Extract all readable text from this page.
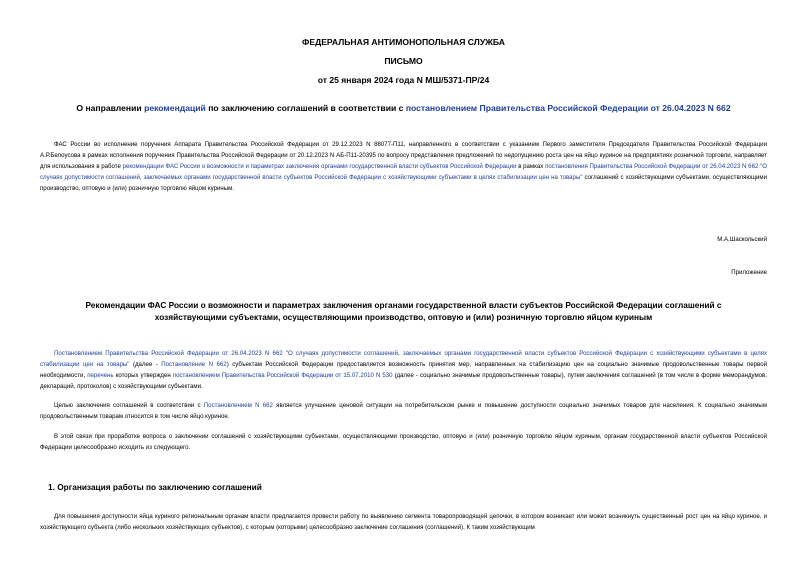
ФЕДЕРАЛЬНАЯ АНТИМОНОПОЛЬНАЯ СЛУЖБА
ПИСЬМО
от 25 января 2024 года N МШ/5371-ПР/24
О направлении рекомендаций по заключению соглашений в соответствии с постановлением Правительства Российской Федерации от 26.04.2023 N 662
ФАС России во исполнение поручения Аппарата Правительства Российской Федерации от 29.12.2023 N 88077-П11, направленного в соответствии с указанием Первого заместителя Председателя Правительства Российской Федерации А.Р.Белоусова в рамках исполнения поручения Правительства Российской Федерации от 20.12.2023 N АБ-П11-20395 по вопросу представления предложений по недопущению роста цен на яйцо куриное на предприятиях розничной торговли, направляет для использования в работе рекомендации ФАС России о возможности и параметрах заключения органами государственной власти субъектов Российской Федерации в рамках постановления Правительства Российской Федерации от 26.04.2023 N 662 "О случаях допустимости соглашений, заключаемых органами государственной власти субъектов Российской Федерации с хозяйствующими субъектами в целях стабилизации цен на товары" соглашений с хозяйствующими субъектами, осуществляющими производство, оптовую и (или) розничную торговлю яйцом куриным.
М.А.Шаскольский
Приложение
Рекомендации ФАС России о возможности и параметрах заключения органами государственной власти субъектов Российской Федерации соглашений с хозяйствующими субъектами, осуществляющими производство, оптовую и (или) розничную торговлю яйцом куриным
Постановлением Правительства Российской Федерации от 26.04.2023 N 662 "О случаях допустимости соглашений, заключаемых органами государственной власти субъектов Российской Федерации с хозяйствующими субъектами в целях стабилизации цен на товары" (далее - Постановление N 662) субъектам Российской Федерации предоставляется возможность принятия мер, направленных на стабилизацию цен на социально значимые продовольственные товары первой необходимости, перечень которых утвержден постановлением Правительства Российской Федерации от 15.07.2010 N 530 (далее - социально значимые продовольственные товары), путем заключения соглашений (в том числе в форме меморандумов, деклараций, протоколов) с хозяйствующими субъектами.
Целью заключения соглашений в соответствии с Постановлением N 662 является улучшение ценовой ситуации на потребительском рынке и повышение доступности социально значимых товаров для населения. К социально значимым продовольственным товарам относится в том числе яйцо куриное.
В этой связи при проработке вопроса о заключении соглашений с хозяйствующими субъектами, осуществляющими производство, оптовую и (или) розничную торговлю яйцом куриным, органам государственной власти субъектов Российской Федерации целесообразно исходить из следующего.
1. Организация работы по заключению соглашений
Для повышения доступности яйца куриного региональным органам власти предлагается провести работу по выявлению сегмента товаропроводящей цепочки, в котором возникает или может возникнуть существенный рост цен на яйцо куриное, и хозяйствующего субъекта (либо нескольких хозяйствующих субъектов), с которым (которыми) целесообразно заключение соглашения (соглашений). К таким хозяйствующим
